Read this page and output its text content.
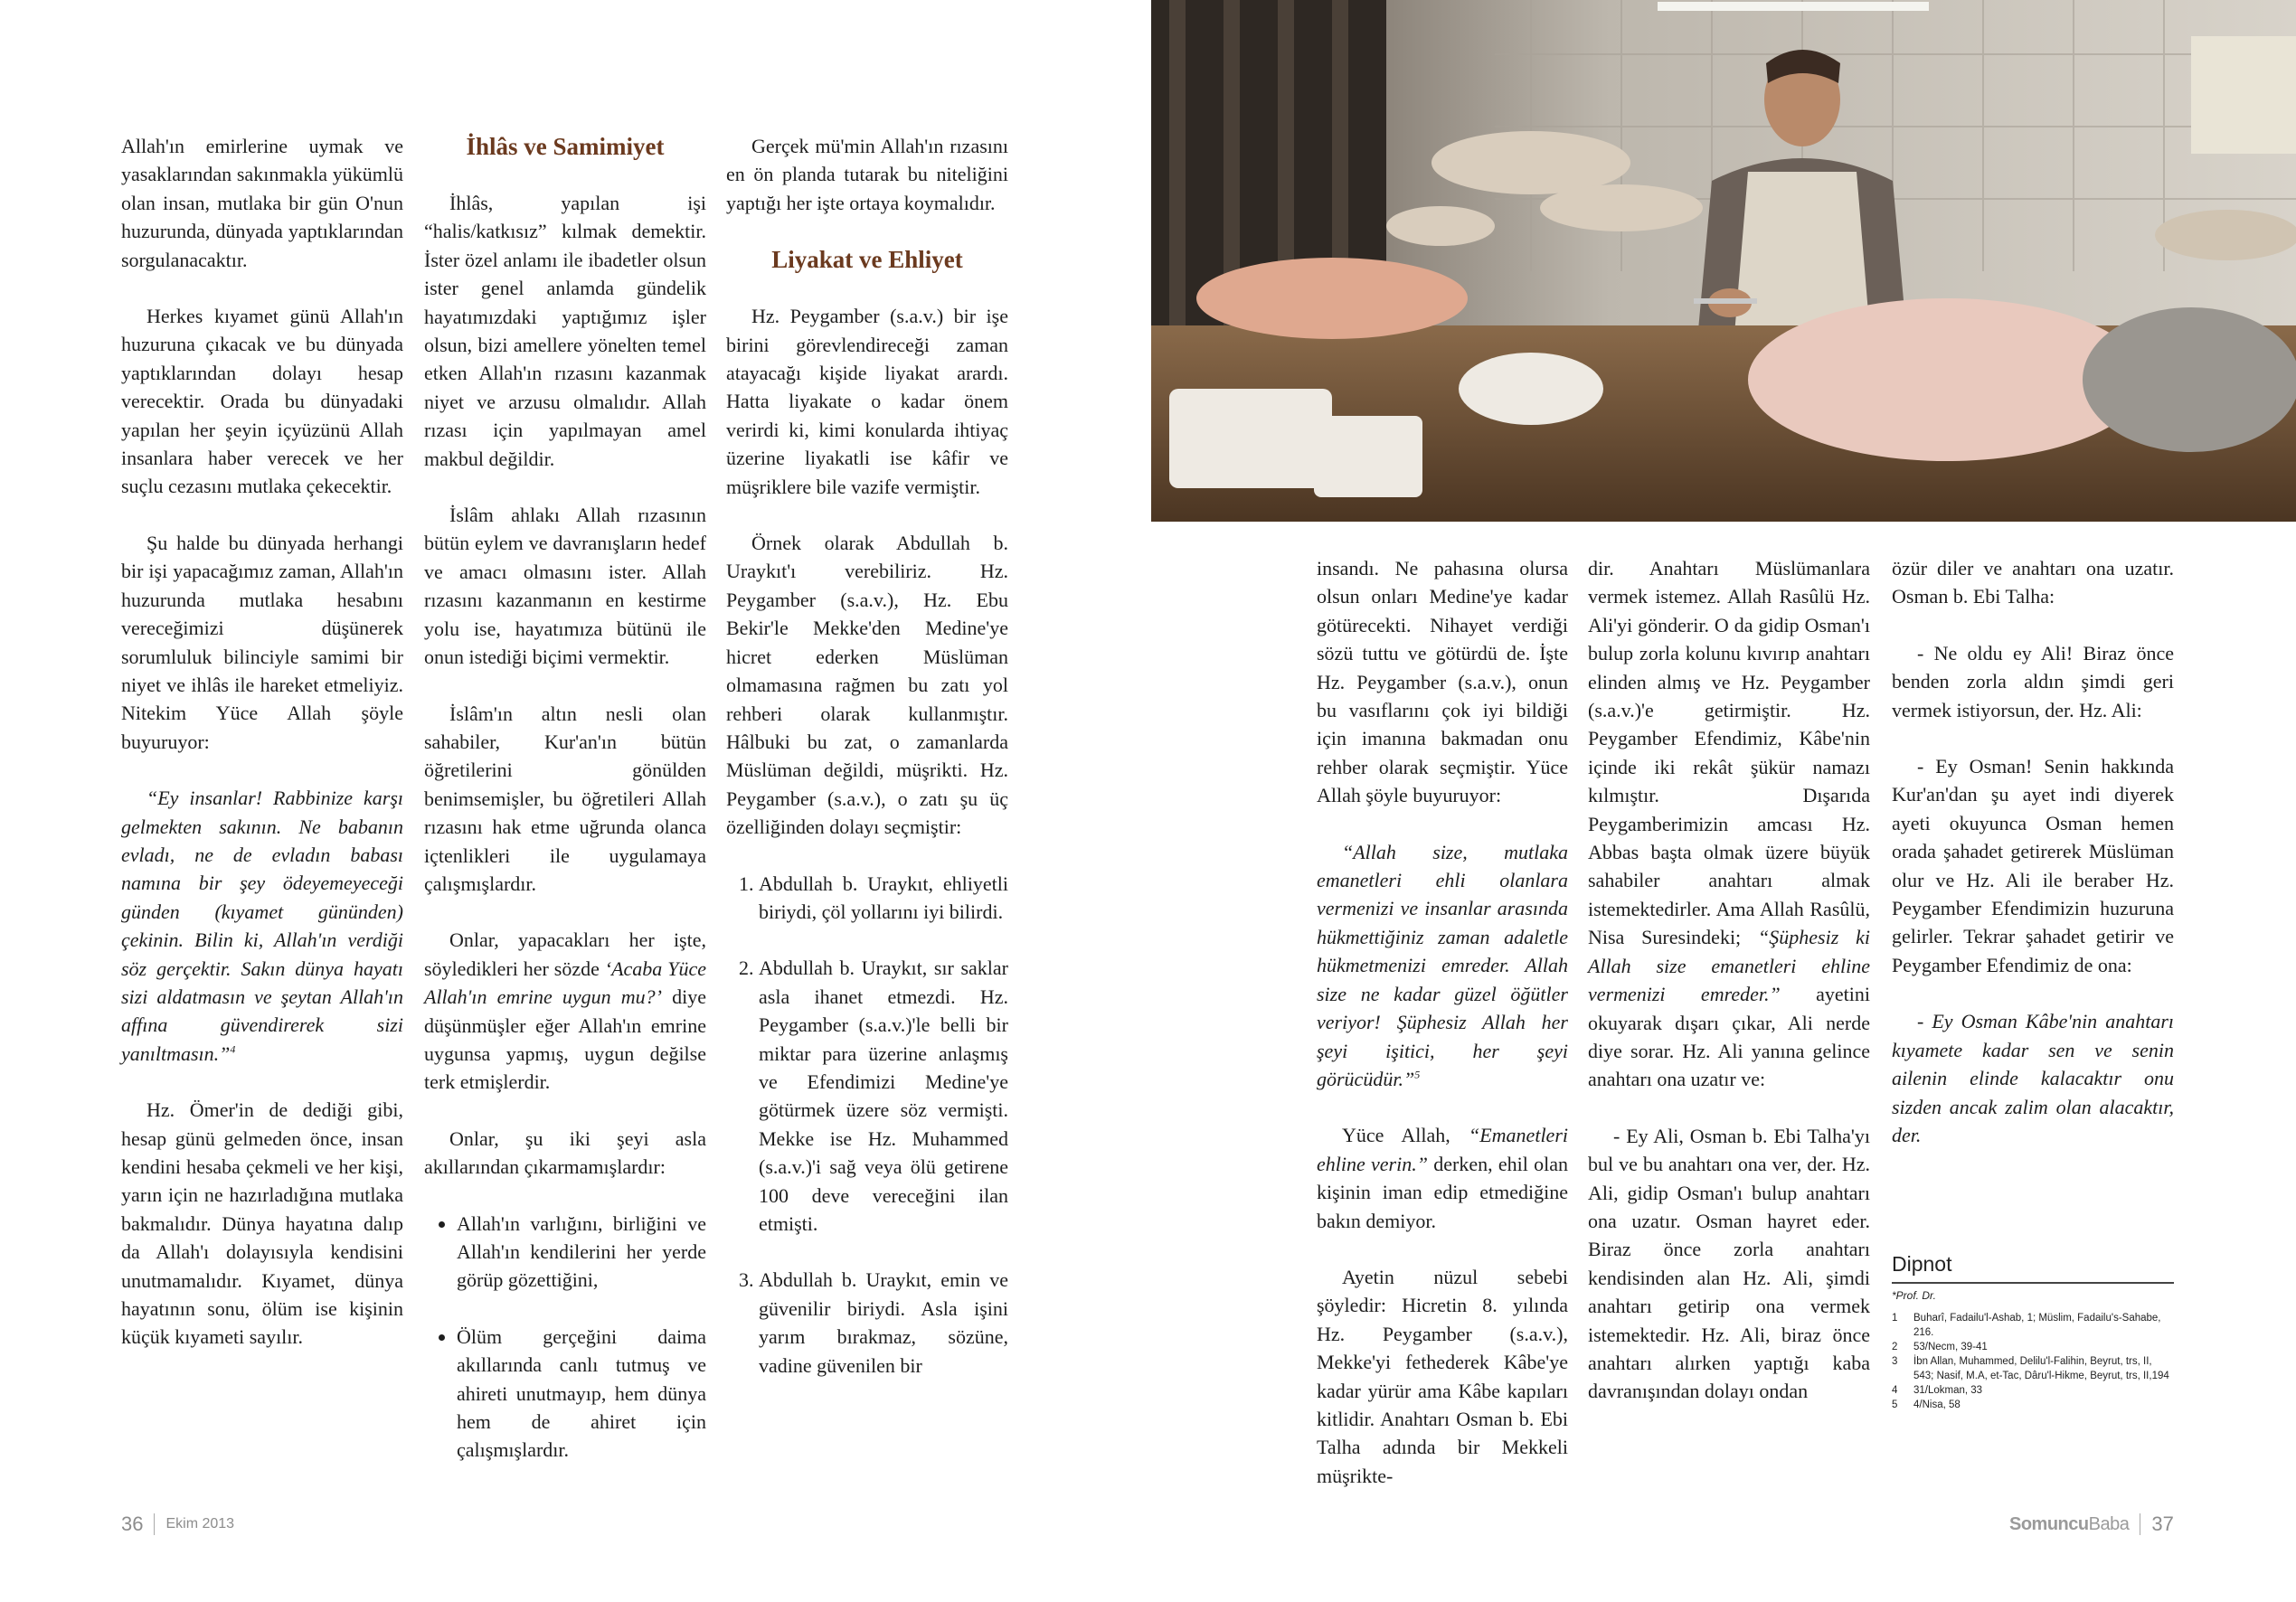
Allah'ın emirlerine uymak ve yasaklarından sakınmakla yükümlü olan insan, mutlaka bir gün O'nun huzurunda, dünyada yaptıklarından sorgulanacaktır.

Herkes kıyamet günü Allah'ın huzuruna çıkacak ve bu dünyada yaptıklarından dolayı hesap verecektir. Orada bu dünyadaki yapılan her şeyin içyüzünü Allah insanlara haber verecek ve her suçlu cezasını mutlaka çekecektir.

Şu halde bu dünyada herhangi bir işi yapacağımız zaman, Allah'ın huzurunda mutlaka hesabını vereceğimizi düşünerek sorumluluk bilinciyle samimi bir niyet ve ihlâs ile hareket etmeliyiz. Nitekim Yüce Allah şöyle buyuruyor:

“Ey insanlar! Rabbinize karşı gelmekten sakının. Ne babanın evladı, ne de evladın babası namına bir şey ödeyemeyeceği günden (kıyamet gününden) çekinin. Bilin ki, Allah'ın verdiği söz gerçektir. Sakın dünya hayatı sizi aldatmasın ve şeytan Allah'ın affına güvendirerek sizi yanıltmasın.”$^4$

Hz. Ömer'in de dediği gibi, hesap günü gelmeden önce, insan kendini hesaba çekmeli ve her kişi, yarın için ne hazırladığına mutlaka bakmalıdır. Dünya hayatına dalıp da Allah'ı dolayısıyla kendisini unutmamalıdır. Kıyamet, dünya hayatının sonu, ölüm ise kişinin küçük kıyameti sayılır.

İhlâs ve Samimiyet

İhlâs, yapılan işi “halis/katkısız” kılmak demektir. İster özel anlamı ile ibadetler olsun ister genel anlamda gündelik hayatımızdaki yaptığımız işler olsun, bizi amellere yönelten temel etken Allah'ın rızasını kazanmak niyet ve arzusu olmalıdır. Allah rızası için yapılmayan amel makbul değildir.

İslâm ahlakı Allah rızasının bütün eylem ve davranışların hedef ve amacı olmasını ister. Allah rızasını kazanmanın en kestirme yolu ise, hayatımıza bütünü ile onun istediği biçimi vermektir.

İslâm'ın altın nesli olan sahabiler, Kur'an'ın bütün öğretilerini gönülden benimsemişler, bu öğretileri Allah rızasını hak etme uğrunda olanca içtenlikleri ile uygulamaya çalışmışlardır.

Onlar, yapacakları her işte, söyledikleri her sözde ‘Acaba Yüce Allah'ın emrine uygun mu?’ diye düşünmüşler eğer Allah'ın emrine uygunsa yapmış, uygun değilse terk etmişlerdir.

Onlar, şu iki şeyi asla akıllarından çıkarmamışlardır:

• Allah'ın varlığını, birliğini ve Allah'ın kendilerini her yerde görüp gözettiğini,
• Ölüm gerçeğini daima akıllarında canlı tutmuş ve ahireti unutmayıp, hem dünya hem de ahiret için çalışmışlardır.

Gerçek mü'min Allah'ın rızasını en ön planda tutarak bu niteliğini yaptığı her işte ortaya koymalıdır.

Liyakat ve Ehliyet

Hz. Peygamber (s.a.v.) bir işe birini görevlendireceği zaman atayacağı kişide liyakat arardı. Hatta liyakate o kadar önem verirdi ki, kimi konularda ihtiyaç üzerine liyakatli ise kâfir ve müşriklere bile vazife vermiştir.

Örnek olarak Abdullah b. Uraykıt'ı verebiliriz. Hz. Peygamber (s.a.v.), Hz. Ebu Bekir'le Mekke'den Medine'ye hicret ederken Müslüman olmamasına rağmen bu zatı yol rehberi olarak kullanmıştır. Hâlbuki bu zat, o zamanlarda Müslüman değildi, müşrikti. Hz. Peygamber (s.a.v.), o zatı şu üç özelliğinden dolayı seçmiştir:

1. Abdullah b. Uraykıt, ehliyetli biriydi, çöl yollarını iyi bilirdi.
2. Abdullah b. Uraykıt, sır saklar asla ihanet etmezdi. Hz. Peygamber (s.a.v.)'le belli bir miktar para üzerine anlaşmış ve Efendimizi Medine'ye götürmek üzere söz vermişti. Mekke ise Hz. Muhammed (s.a.v.)'i sağ veya ölü getirene 100 deve vereceğini ilan etmişti.
3. Abdullah b. Uraykıt, emin ve güvenilir biriydi. Asla işini yarım bırakmaz, sözüne, vadine güvenilen bir

insandı. Ne pahasına olursa olsun onları Medine'ye kadar götürecekti. Nihayet verdiği sözü tuttu ve götürdü de. İşte Hz. Peygamber (s.a.v.), onun bu vasıflarını çok iyi bildiği için imanına bakmadan onu rehber olarak seçmiştir. Yüce Allah şöyle buyuruyor:

“Allah size, mutlaka emanetleri ehli olanlara vermenizi ve insanlar arasında hükmettiğiniz zaman adaletle hükmetmenizi emreder. Allah size ne kadar güzel öğütler veriyor! Şüphesiz Allah her şeyi işitici, her şeyi görücüdür.”$^5$

Yüce Allah, “Emanetleri ehline verin.” derken, ehil olan kişinin iman edip etmediğine bakın demiyor.

Ayetin nüzul sebebi şöyledir: Hicretin 8. yılında Hz. Peygamber (s.a.v.), Mekke'yi fethederek Kâbe'ye kadar yürür ama Kâbe kapıları kitlidir. Anahtarı Osman b. Ebi Talha adında bir Mekkeli müşrikte-

dir. Anahtarı Müslümanlara vermek istemez. Allah Rasûlü Hz. Ali'yi gönderir. O da gidip Osman'ı bulup zorla kolunu kıvırıp anahtarı elinden almış ve Hz. Peygamber (s.a.v.)'e getirmiştir. Hz. Peygamber Efendimiz, Kâbe'nin içinde iki rekât şükür namazı kılmıştır. Dışarıda Peygamberimizin amcası Hz. Abbas başta olmak üzere büyük sahabiler anahtarı almak istemektedirler. Ama Allah Rasûlü, Nisa Suresindeki; “Şüphesiz ki Allah size emanetleri ehline vermenizi emreder.” ayetini okuyarak dışarı çıkar, Ali nerde diye sorar. Hz. Ali yanına gelince anahtarı ona uzatır ve:

- Ey Ali, Osman b. Ebi Talha'yı bul ve bu anahtarı ona ver, der. Hz. Ali, gidip Osman'ı bulup anahtarı ona uzatır. Osman hayret eder. Biraz önce zorla anahtarı kendisinden alan Hz. Ali, şimdi anahtarı getirip ona vermek istemektedir. Hz. Ali, biraz önce anahtarı alırken yaptığı kaba davranışından dolayı ondan

özür diler ve anahtarı ona uzatır. Osman b. Ebi Talha:

- Ne oldu ey Ali! Biraz önce benden zorla aldın şimdi geri vermek istiyorsun, der. Hz. Ali:

- Ey Osman! Senin hakkında Kur'an'dan şu ayet indi diyerek ayeti okuyunca Osman hemen orada şahadet getirerek Müslüman olur ve Hz. Ali ile beraber Hz. Peygamber Efendimizin huzuruna gelirler. Tekrar şahadet getirir ve Peygamber Efendimiz de ona:

- Ey Osman Kâbe'nin anahtarı kıyamete kadar sen ve senin ailenin elinde kalacaktır onu sizden ancak zalim olan alacaktır, der.

Dipnot
*Prof. Dr.
1	Buharî, Fadailu'l-Ashab, 1; Müslim, Fadailu's-Sahabe, 216.
2	53/Necm, 39-41
3	İbn Allan, Muhammed, Delilu'l-Falihin, Beyrut, trs, II, 543; Nasif, M.A, et-Tac, Dâru'l-Hikme, Beyrut, trs, II,194
4	31/Lokman, 33
5	4/Nisa, 58
36 Ekim 2013	SomuncuBaba 37
